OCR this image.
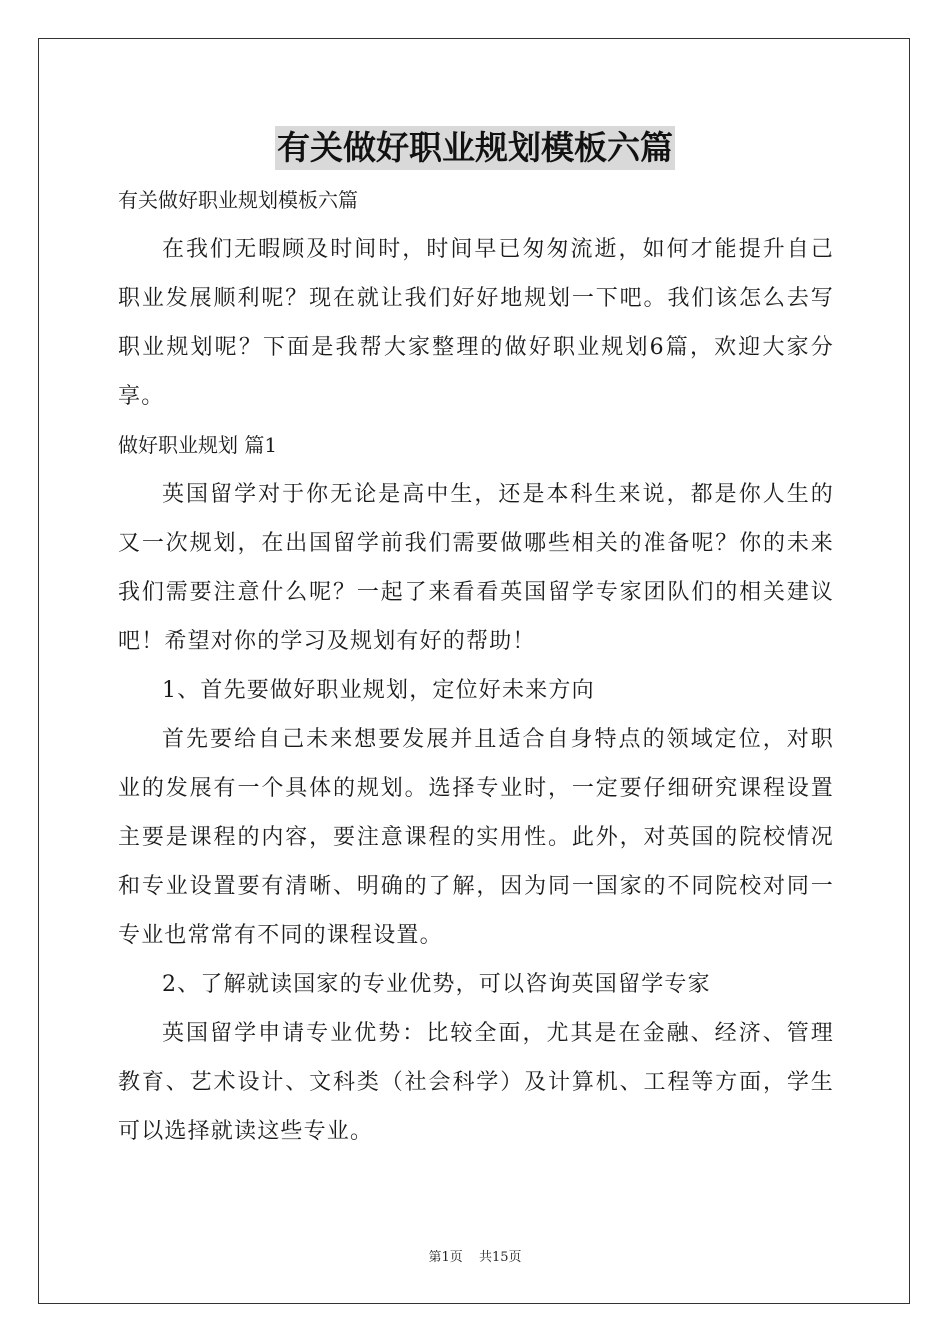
有关做好职业规划模板六篇

有关做好职业规划模板六篇

在我们无暇顾及时间时，时间早已匆匆流逝，如何才能提升自己职业发展顺利呢？现在就让我们好好地规划一下吧。我们该怎么去写职业规划呢？下面是我帮大家整理的做好职业规划6篇，欢迎大家分享。

做好职业规划 篇1

英国留学对于你无论是高中生，还是本科生来说，都是你人生的又一次规划，在出国留学前我们需要做哪些相关的准备呢？你的未来我们需要注意什么呢？一起了来看看英国留学专家团队们的相关建议吧！希望对你的学习及规划有好的帮助！

1、首先要做好职业规划，定位好未来方向

首先要给自己未来想要发展并且适合自身特点的领域定位，对职业的发展有一个具体的规划。选择专业时，一定要仔细研究课程设置主要是课程的内容，要注意课程的实用性。此外，对英国的院校情况和专业设置要有清晰、明确的了解，因为同一国家的不同院校对同一专业也常常有不同的课程设置。

2、了解就读国家的专业优势，可以咨询英国留学专家

英国留学申请专业优势：比较全面，尤其是在金融、经济、管理教育、艺术设计、文科类（社会科学）及计算机、工程等方面，学生可以选择就读这些专业。

第1页 共15页
